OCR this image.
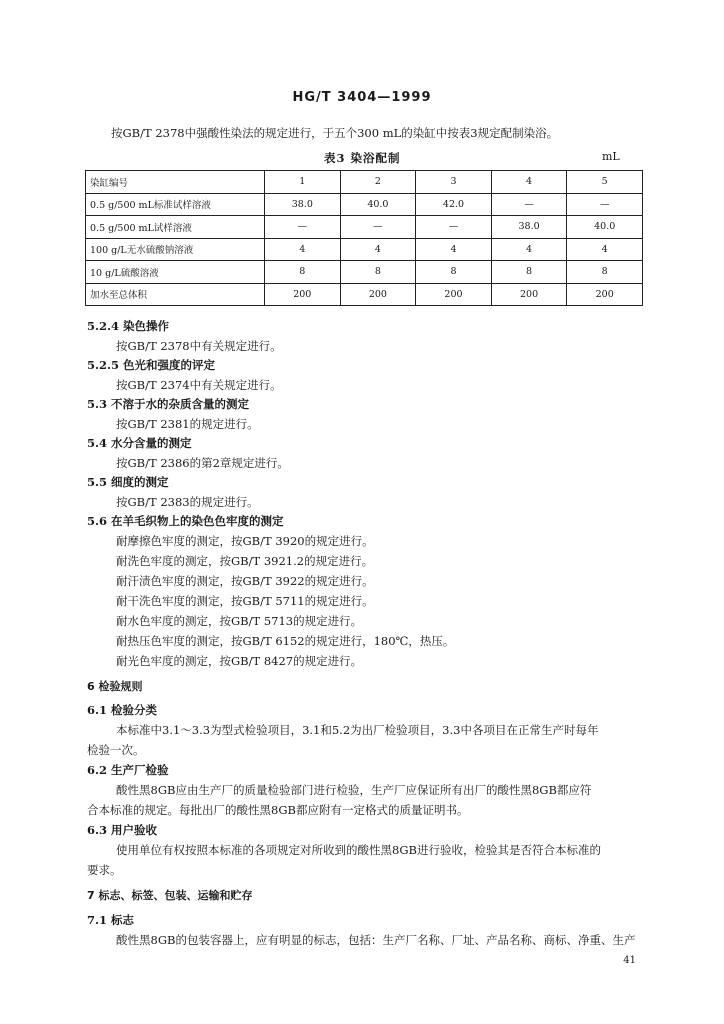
HG/T 3404—1999
按GB/T 2378中强酸性染法的规定进行，于五个300 mL的染缸中按表3规定配制染浴。
表3 染浴配制	mL
染缸编号	1	2	3	4	5
0.5 g/500 mL标准试样溶液	38.0	40.0	42.0	—	—
0.5 g/500 mL试样溶液	—	—	—	38.0	40.0
100 g/L无水硫酸钠溶液	4	4	4	4	4
10 g/L硫酸溶液	8	8	8	8	8
加水至总体积	200	200	200	200	200
5.2.4 染色操作
按GB/T 2378中有关规定进行。
5.2.5 色光和强度的评定
按GB/T 2374中有关规定进行。
5.3 不溶于水的杂质含量的测定
按GB/T 2381的规定进行。
5.4 水分含量的测定
按GB/T 2386的第2章规定进行。
5.5 细度的测定
按GB/T 2383的规定进行。
5.6 在羊毛织物上的染色色牢度的测定
耐摩擦色牢度的测定，按GB/T 3920的规定进行。
耐洗色牢度的测定，按GB/T 3921.2的规定进行。
耐汗渍色牢度的测定，按GB/T 3922的规定进行。
耐干洗色牢度的测定，按GB/T 5711的规定进行。
耐水色牢度的测定，按GB/T 5713的规定进行。
耐热压色牢度的测定，按GB/T 6152的规定进行，180℃，热压。
耐光色牢度的测定，按GB/T 8427的规定进行。
6 检验规则
6.1 检验分类
本标准中3.1～3.3为型式检验项目，3.1和5.2为出厂检验项目，3.3中各项目在正常生产时每年
检验一次。
6.2 生产厂检验
酸性黑8GB应由生产厂的质量检验部门进行检验，生产厂应保证所有出厂的酸性黑8GB都应符
合本标准的规定。每批出厂的酸性黑8GB都应附有一定格式的质量证明书。
6.3 用户验收
使用单位有权按照本标准的各项规定对所收到的酸性黑8GB进行验收，检验其是否符合本标准的
要求。
7 标志、标签、包装、运输和贮存
7.1 标志
酸性黑8GB的包装容器上，应有明显的标志，包括：生产厂名称、厂址、产品名称、商标、净重、生产
41
